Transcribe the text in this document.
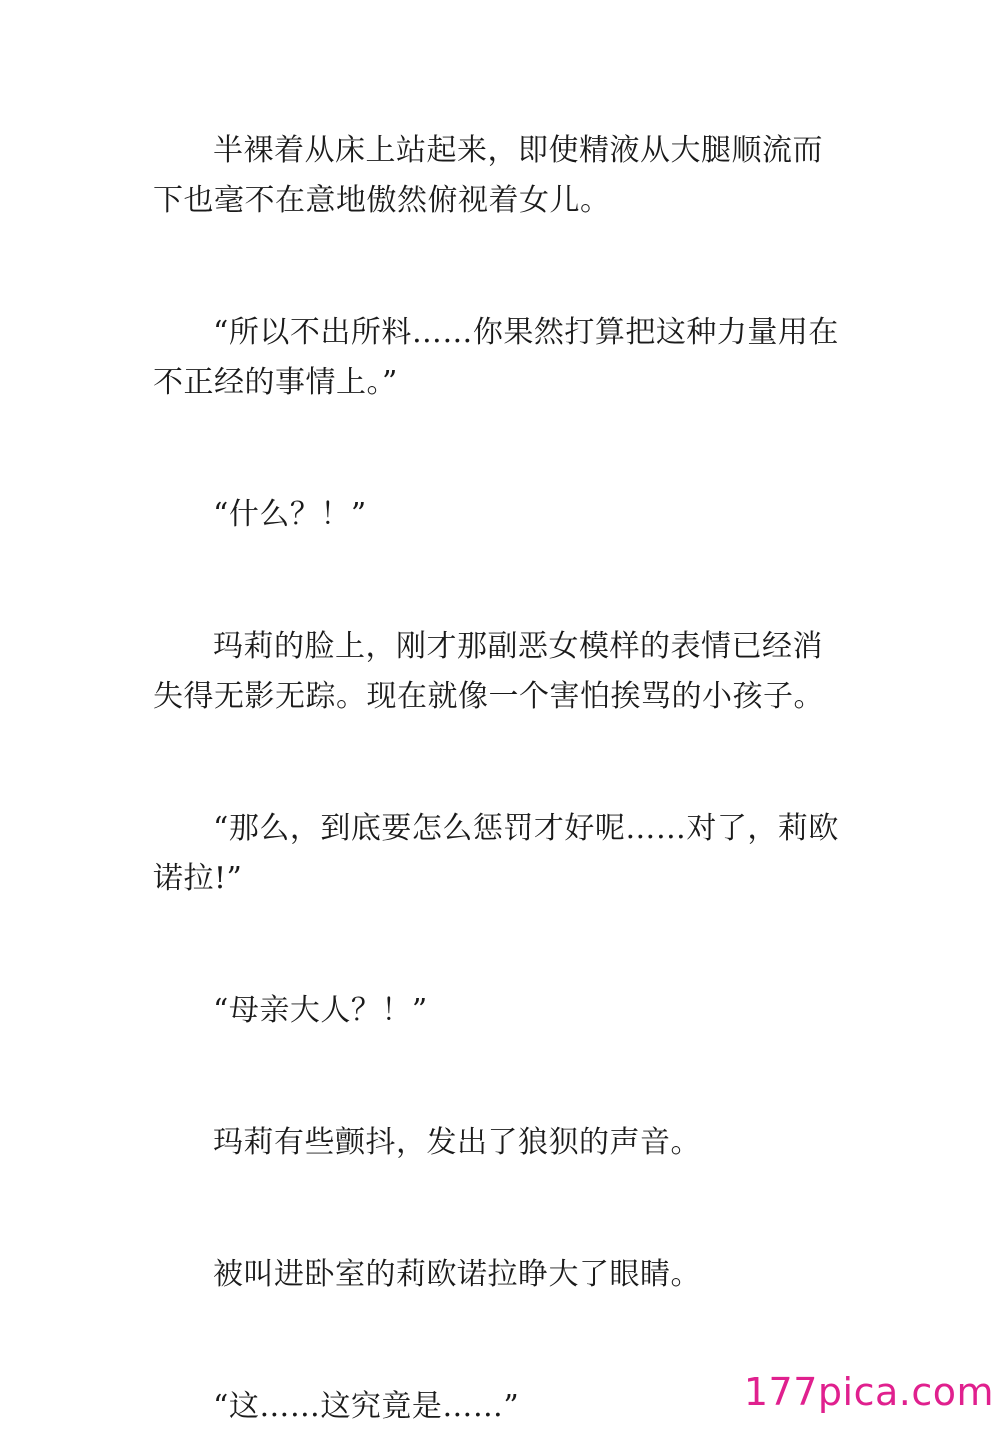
半裸着从床上站起来，即使精液从大腿顺流而下也毫不在意地傲然俯视着女儿。

“所以不出所料……你果然打算把这种力量用在不正经的事情上。”

“什么？！”

玛莉的脸上，刚才那副恶女模样的表情已经消失得无影无踪。现在就像一个害怕挨骂的小孩子。

“那么，到底要怎么惩罚才好呢……对了，莉欧诺拉!”

“母亲大人？！”

玛莉有些颤抖，发出了狼狈的声音。

被叫进卧室的莉欧诺拉睁大了眼睛。

“这……这究竟是……”	177pica.com
